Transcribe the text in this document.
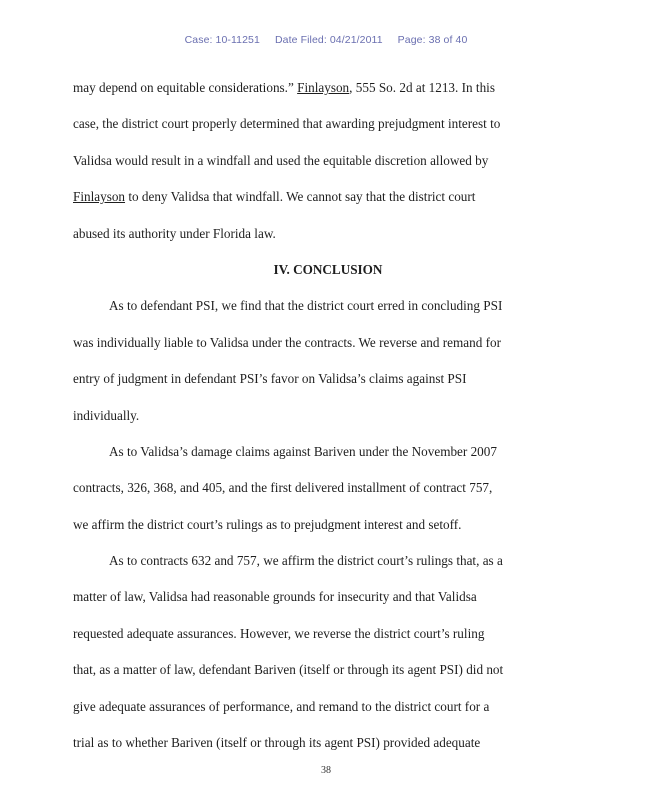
Case: 10-11251 Date Filed: 04/21/2011 Page: 38 of 40
may depend on equitable considerations.” Finlayson, 555 So. 2d at 1213. In this
case, the district court properly determined that awarding prejudgment interest to
Validsa would result in a windfall and used the equitable discretion allowed by
Finlayson to deny Validsa that windfall. We cannot say that the district court
abused its authority under Florida law.
IV. CONCLUSION
As to defendant PSI, we find that the district court erred in concluding PSI
was individually liable to Validsa under the contracts. We reverse and remand for
entry of judgment in defendant PSI’s favor on Validsa’s claims against PSI
individually.
As to Validsa’s damage claims against Bariven under the November 2007
contracts, 326, 368, and 405, and the first delivered installment of contract 757,
we affirm the district court’s rulings as to prejudgment interest and setoff.
As to contracts 632 and 757, we affirm the district court’s rulings that, as a
matter of law, Validsa had reasonable grounds for insecurity and that Validsa
requested adequate assurances. However, we reverse the district court’s ruling
that, as a matter of law, defendant Bariven (itself or through its agent PSI) did not
give adequate assurances of performance, and remand to the district court for a
trial as to whether Bariven (itself or through its agent PSI) provided adequate
38
